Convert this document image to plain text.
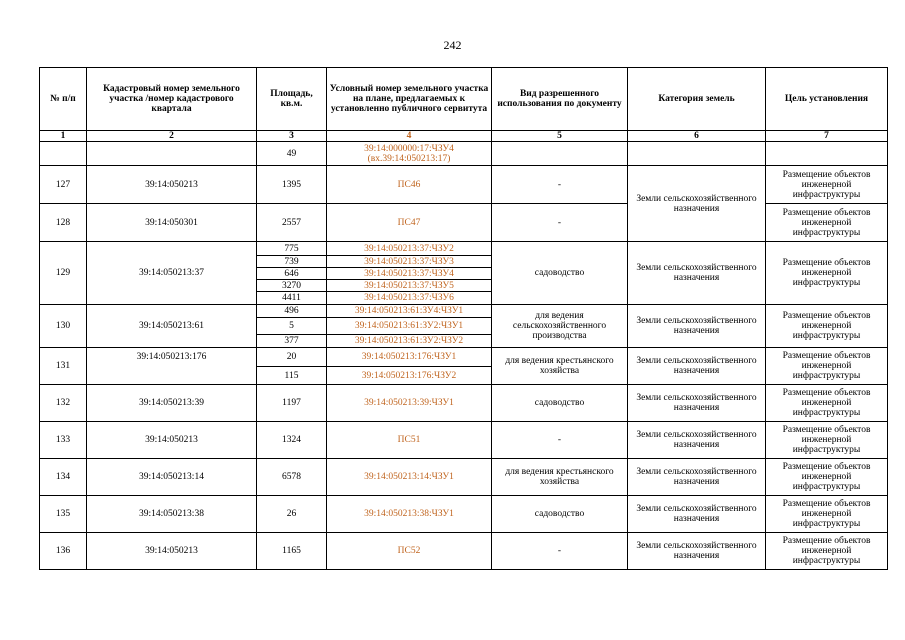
242
№ п/п	Кадастровый номер земельного участка /номер кадастрового квартала	Площадь, кв.м.	Условный номер земельного участка на плане, предлагаемых к установленно публичного сервитута	Вид разрешенного использования по документу	Категория земель	Цель установления
1	2	3	4	5	6	7
		49	39:14:000000:17:ЧЗУ4 (вх.39:14:050213:17)			
127	39:14:050213	1395	ПС46	-	Земли сельскохозяйственного назначения	Размещение объектов инженерной инфраструктуры
128	39:14:050301	2557	ПС47	-		Размещение объектов инженерной инфраструктуры
129	39:14:050213:37	775	39:14:050213:37:ЧЗУ2	садоводство	Земли сельскохозяйственного назначения	Размещение объектов инженерной инфраструктуры
		739	39:14:050213:37:ЧЗУ3			
		646	39:14:050213:37:ЧЗУ4			
		3270	39:14:050213:37:ЧЗУ5			
		4411	39:14:050213:37:ЧЗУ6			
130	39:14:050213:61	496	39:14:050213:61:ЗУ4:ЧЗУ1	для ведения сельскохозяйственного производства	Земли сельскохозяйственного назначения	Размещение объектов инженерной инфраструктуры
		5	39:14:050213:61:ЗУ2:ЧЗУ1			
		377	39:14:050213:61:ЗУ2:ЧЗУ2			
131	39:14:050213:176	20	39:14:050213:176:ЧЗУ1	для ведения крестьянского хозяйства	Земли сельскохозяйственного назначения	Размещение объектов инженерной инфраструктуры
		115	39:14:050213:176:ЧЗУ2			
132	39:14:050213:39	1197	39:14:050213:39:ЧЗУ1	садоводство	Земли сельскохозяйственного назначения	Размещение объектов инженерной инфраструктуры
133	39:14:050213	1324	ПС51	-	Земли сельскохозяйственного назначения	Размещение объектов инженерной инфраструктуры
134	39:14:050213:14	6578	39:14:050213:14:ЧЗУ1	для ведения крестьянского хозяйства	Земли сельскохозяйственного назначения	Размещение объектов инженерной инфраструктуры
135	39:14:050213:38	26	39:14:050213:38:ЧЗУ1	садоводство	Земли сельскохозяйственного назначения	Размещение объектов инженерной инфраструктуры
136	39:14:050213	1165	ПС52	-	Земли сельскохозяйственного назначения	Размещение объектов инженерной инфраструктуры
